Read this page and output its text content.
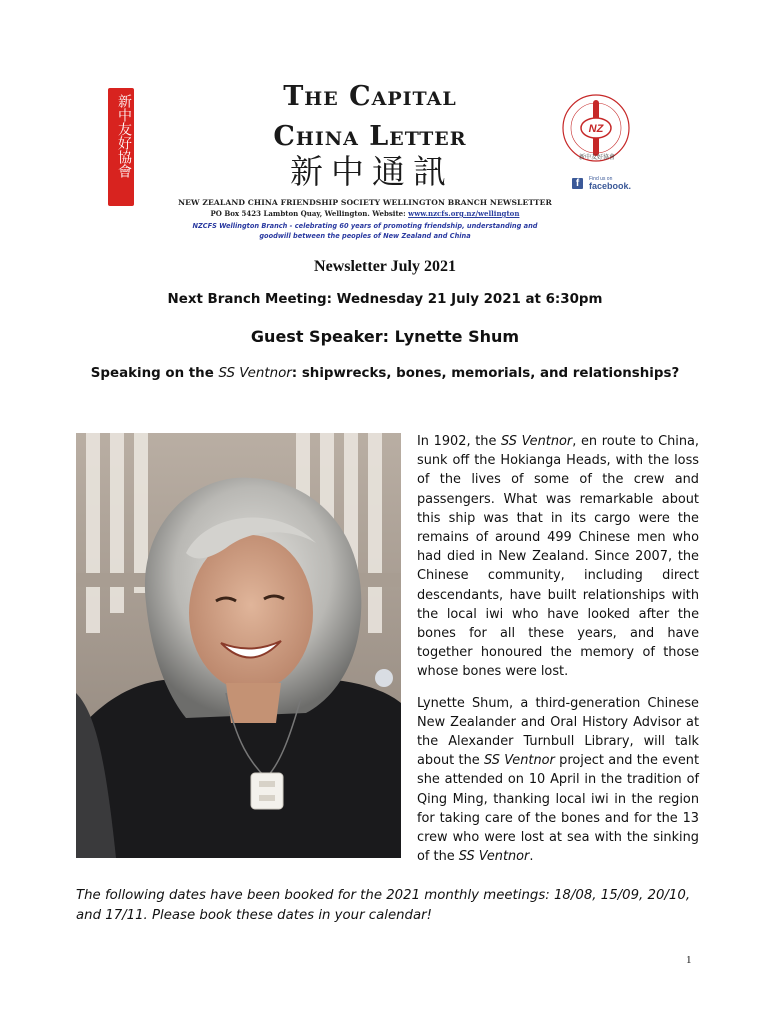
新中友好協會	The Capital
China Letter
新中通訊
NEW ZEALAND CHINA FRIENDSHIP SOCIETY WELLINGTON BRANCH NEWSLETTER
PO Box 5423 Lambton Quay, Wellington. Website: www.nzcfs.org.nz/wellington
NZCFS Wellington Branch - celebrating 60 years of promoting friendship, understanding and
goodwill between the peoples of New Zealand and China
NZ
新中友好協會
f	Find us on
facebook.
Newsletter July 2021
Next Branch Meeting: Wednesday 21 July 2021 at 6:30pm
Guest Speaker: Lynette Shum
Speaking on the SS Ventnor: shipwrecks, bones, memorials, and relationships?

In 1902, the SS Ventnor, en route to China, sunk off the Hokianga Heads, with the loss of the lives of some of the crew and passengers. What was remarkable about this ship was that in its cargo were the remains of around 499 Chinese men who had died in New Zealand. Since 2007, the Chinese community, including direct descendants, have built relationships with the local iwi who have looked after the bones for all these years, and have together honoured the memory of those whose bones were lost.

Lynette Shum, a third-generation Chinese New Zealander and Oral History Advisor at the Alexander Turnbull Library, will talk about the SS Ventnor project and the event she attended on 10 April in the tradition of Qing Ming, thanking local iwi in the region for taking care of the bones and for the 13 crew who were lost at sea with the sinking of the SS Ventnor.

The following dates have been booked for the 2021 monthly meetings: 18/08, 15/09, 20/10, and 17/11. Please book these dates in your calendar!
1
